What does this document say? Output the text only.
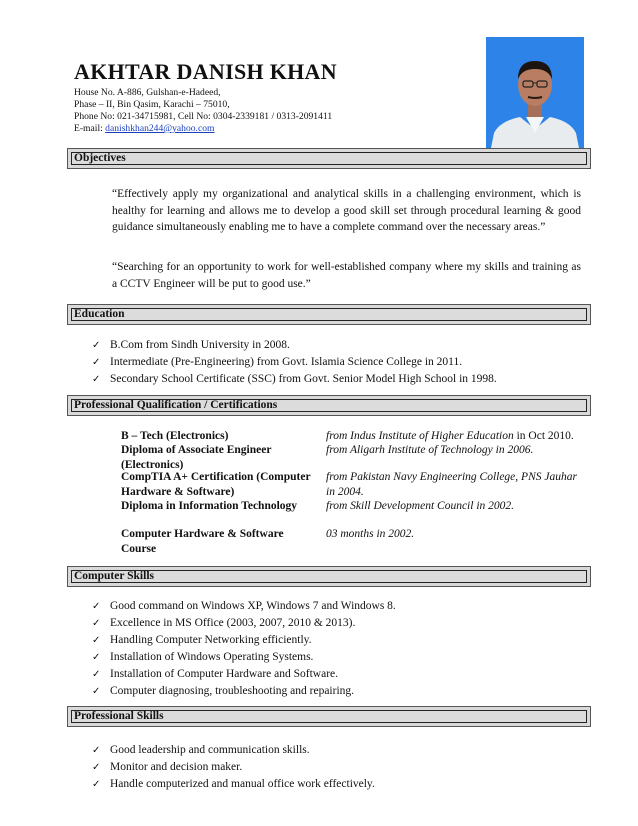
AKHTAR DANISH KHAN
House No. A-886, Gulshan-e-Hadeed,
Phase – II, Bin Qasim, Karachi – 75010,
Phone No: 021-34715981, Cell No: 0304-2339181 / 0313-2091411
E-mail: danishkhan244@yahoo.com
Objectives
“Effectively apply my organizational and analytical skills in a challenging environment, which is healthy for learning and allows me to develop a good skill set through procedural learning & good guidance simultaneously enabling me to have a complete command over the necessary areas.”
“Searching for an opportunity to work for well-established company where my skills and training as a CCTV Engineer will be put to good use.”
Education
✓ B.Com from Sindh University in 2008.
✓ Intermediate (Pre-Engineering) from Govt. Islamia Science College in 2011.
✓ Secondary School Certificate (SSC) from Govt. Senior Model High School in 1998.
Professional Qualification / Certifications
B – Tech (Electronics)	from Indus Institute of Higher Education in Oct 2010.
Diploma of Associate Engineer (Electronics)
from Aligarh Institute of Technology in 2006.
CompTIA A+ Certification (Computer Hardware & Software)
from Pakistan Navy Engineering College, PNS Jauhar in 2004.
Diploma in Information Technology	from Skill Development Council in 2002.
Computer Hardware & Software Course
03 months in 2002.
Computer Skills
✓ Good command on Windows XP, Windows 7 and Windows 8.
✓ Excellence in MS Office (2003, 2007, 2010 & 2013).
✓ Handling Computer Networking efficiently.
✓ Installation of Windows Operating Systems.
✓ Installation of Computer Hardware and Software.
✓ Computer diagnosing, troubleshooting and repairing.
Professional Skills
✓ Good leadership and communication skills.
✓ Monitor and decision maker.
✓ Handle computerized and manual office work effectively.
